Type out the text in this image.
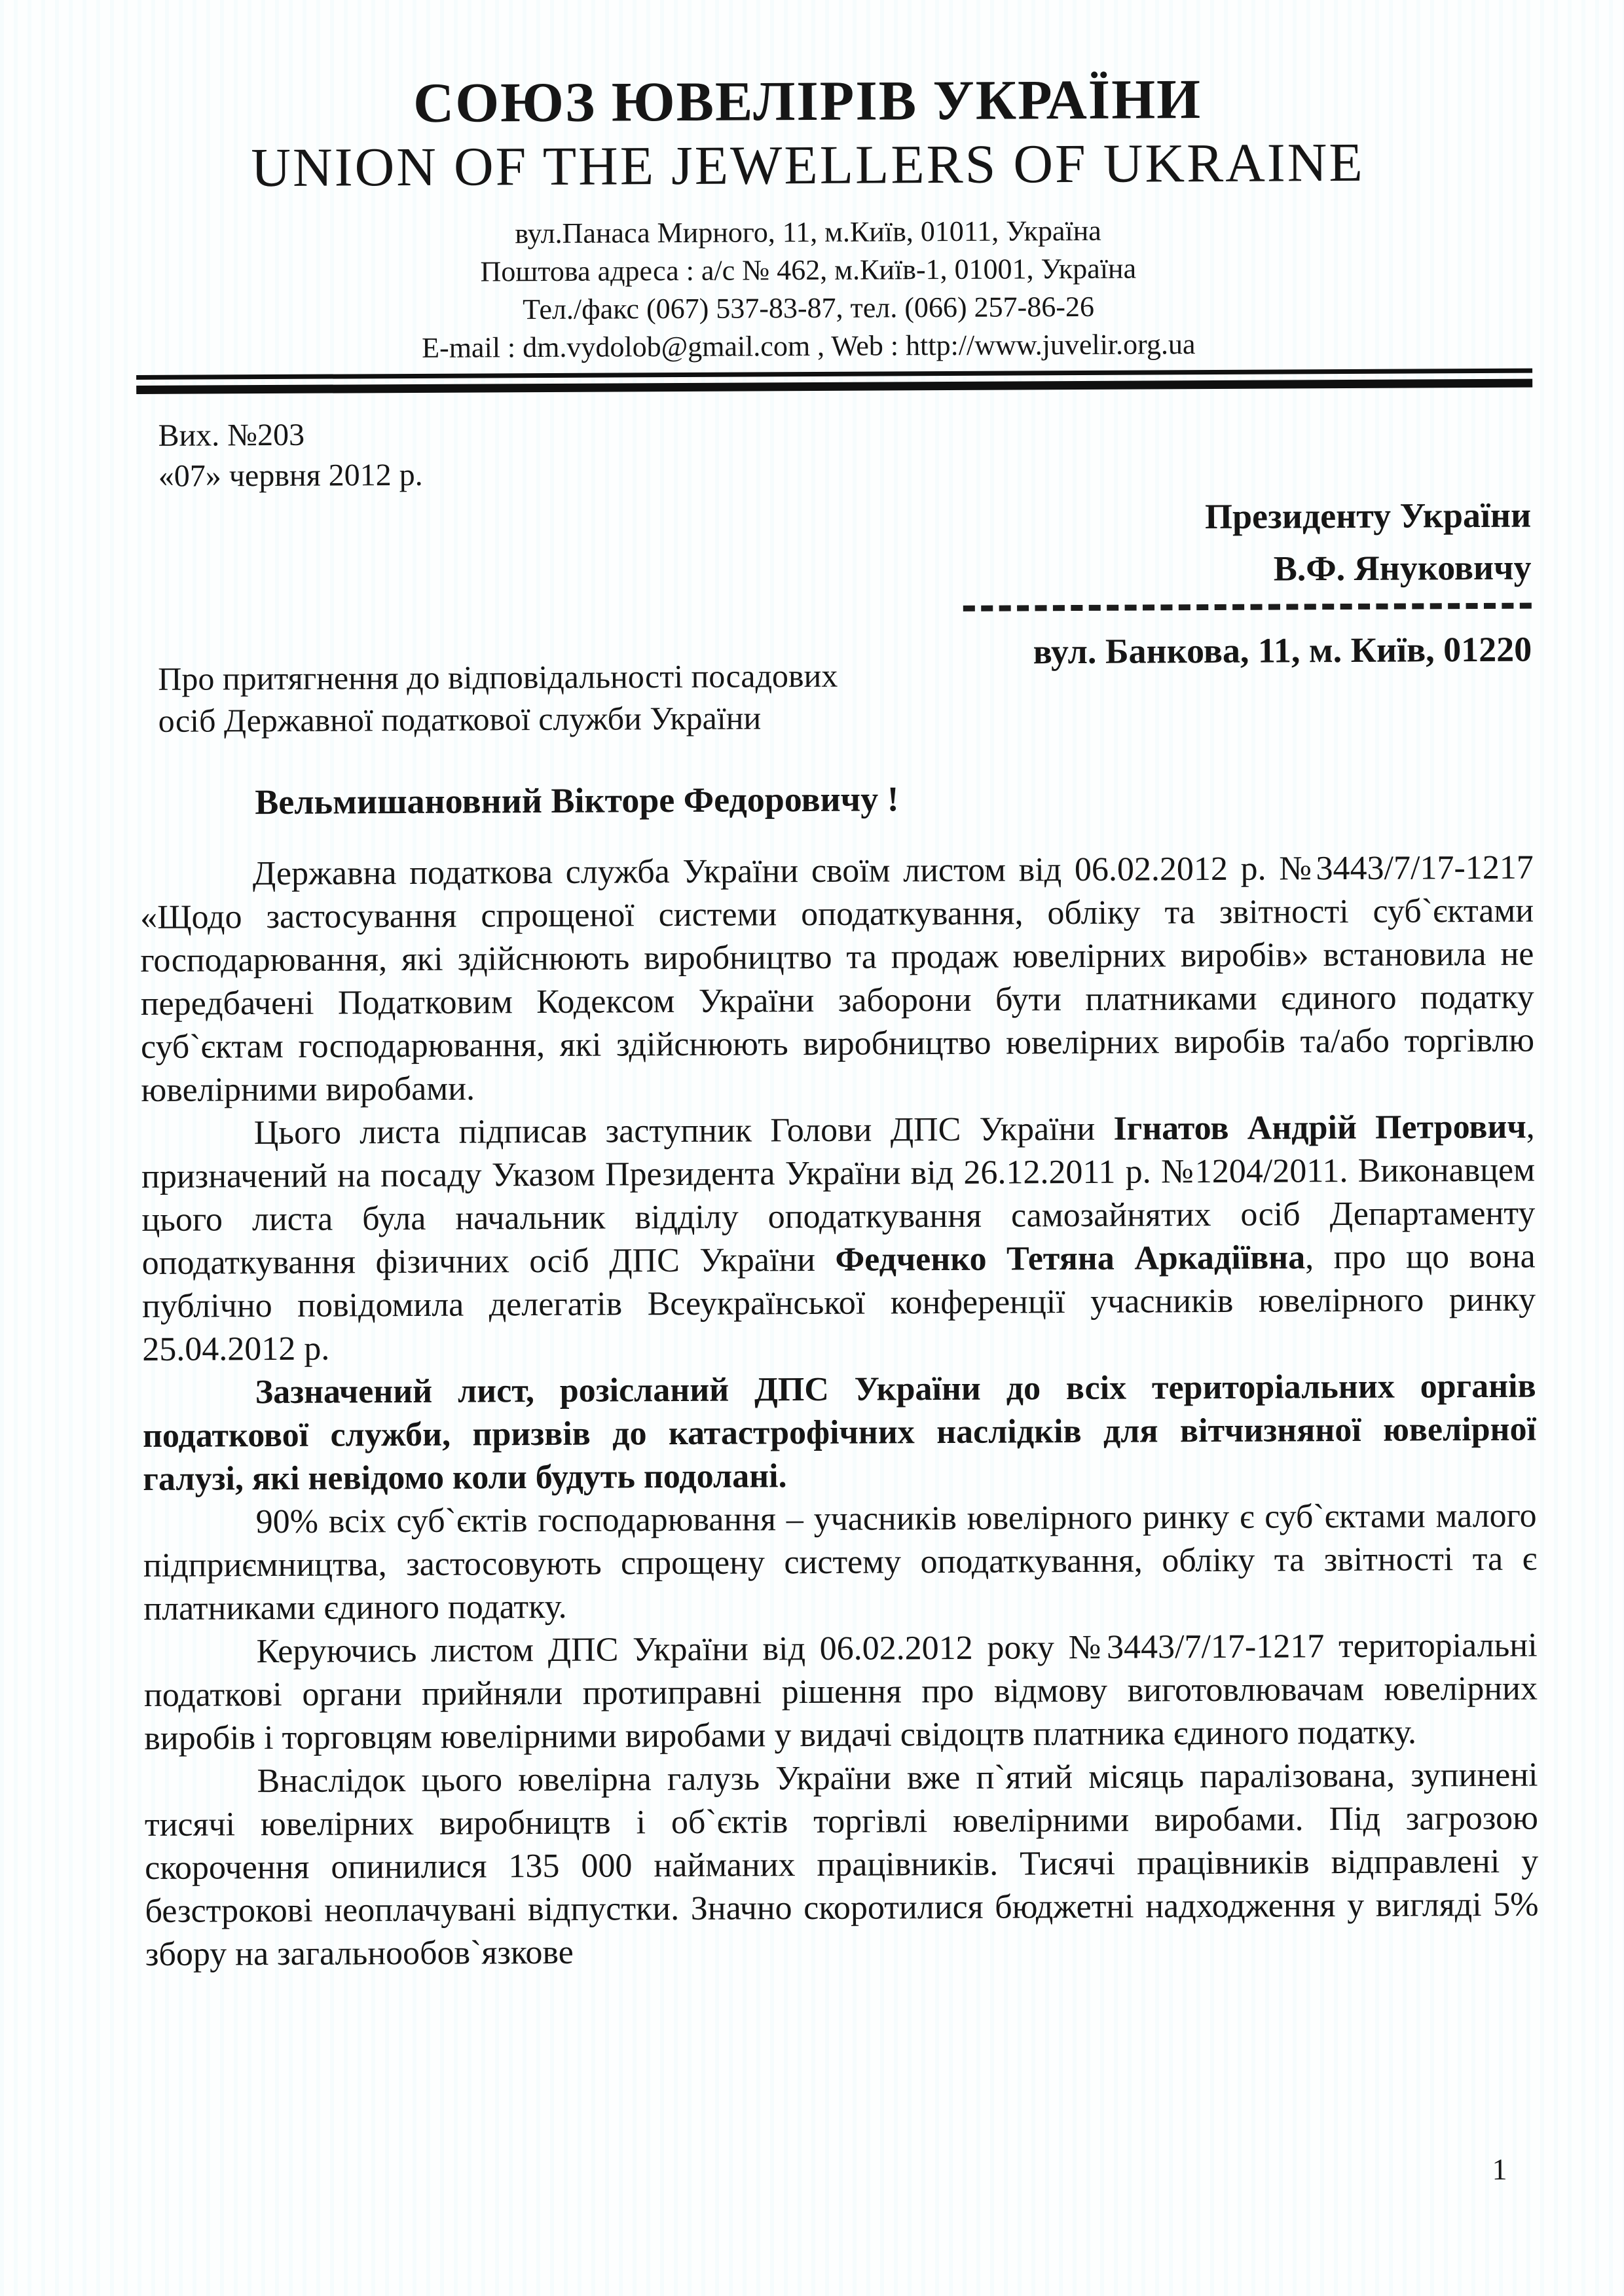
СОЮЗ ЮВЕЛІРІВ УКРАЇНИ
UNION OF THE JEWELLERS OF UKRAINE
вул.Панаса Мирного, 11, м.Київ, 01011, Україна
Поштова адреса : а/с № 462, м.Київ-1, 01001, Україна
Тел./факс (067) 537-83-87, тел. (066) 257-86-26
E-mail : dm.vydolob@gmail.com , Web : http://www.juvelir.org.ua
Вих. №203
«07» червня 2012 р.
Президенту України
В.Ф. Януковичу
вул. Банкова, 11, м. Київ, 01220
Про притягнення до відповідальності посадових
осіб Державної податкової служби України
Вельмишановний Вікторе Федоровичу !

Державна податкова служба України своїм листом від 06.02.2012 р. №3443/7/17-1217 «Щодо застосування спрощеної системи оподаткування, обліку та звітності суб`єктами господарювання, які здійснюють виробництво та продаж ювелірних виробів» встановила не передбачені Податковим Кодексом України заборони бути платниками єдиного податку суб`єктам господарювання, які здійснюють виробництво ювелірних виробів та/або торгівлю ювелірними виробами.

Цього листа підписав заступник Голови ДПС України Ігнатов Андрій Петрович, призначений на посаду Указом Президента України від 26.12.2011 р. №1204/2011. Виконавцем цього листа була начальник відділу оподаткування самозайнятих осіб Департаменту оподаткування фізичних осіб ДПС України Федченко Тетяна Аркадіївна, про що вона публічно повідомила делегатів Всеукраїнської конференції учасників ювелірного ринку 25.04.2012 р.

Зазначений лист, розісланий ДПС України до всіх територіальних органів податкової служби, призвів до катастрофічних наслідків для вітчизняної ювелірної галузі, які невідомо коли будуть подолані.

90% всіх суб`єктів господарювання – учасників ювелірного ринку є суб`єктами малого підприємництва, застосовують спрощену систему оподаткування, обліку та звітності та є платниками єдиного податку.

Керуючись листом ДПС України від 06.02.2012 року №3443/7/17-1217 територіальні податкові органи прийняли протиправні рішення про відмову виготовлювачам ювелірних виробів і торговцям ювелірними виробами у видачі свідоцтв платника єдиного податку.

Внаслідок цього ювелірна галузь України вже п`ятий місяць паралізована, зупинені тисячі ювелірних виробництв і об`єктів торгівлі ювелірними виробами. Під загрозою скорочення опинилися 135 000 найманих працівників. Тисячі працівників відправлені у безстрокові неоплачувані відпустки. Значно скоротилися бюджетні надходження у вигляді 5% збору на загальнообов`язкове

1
